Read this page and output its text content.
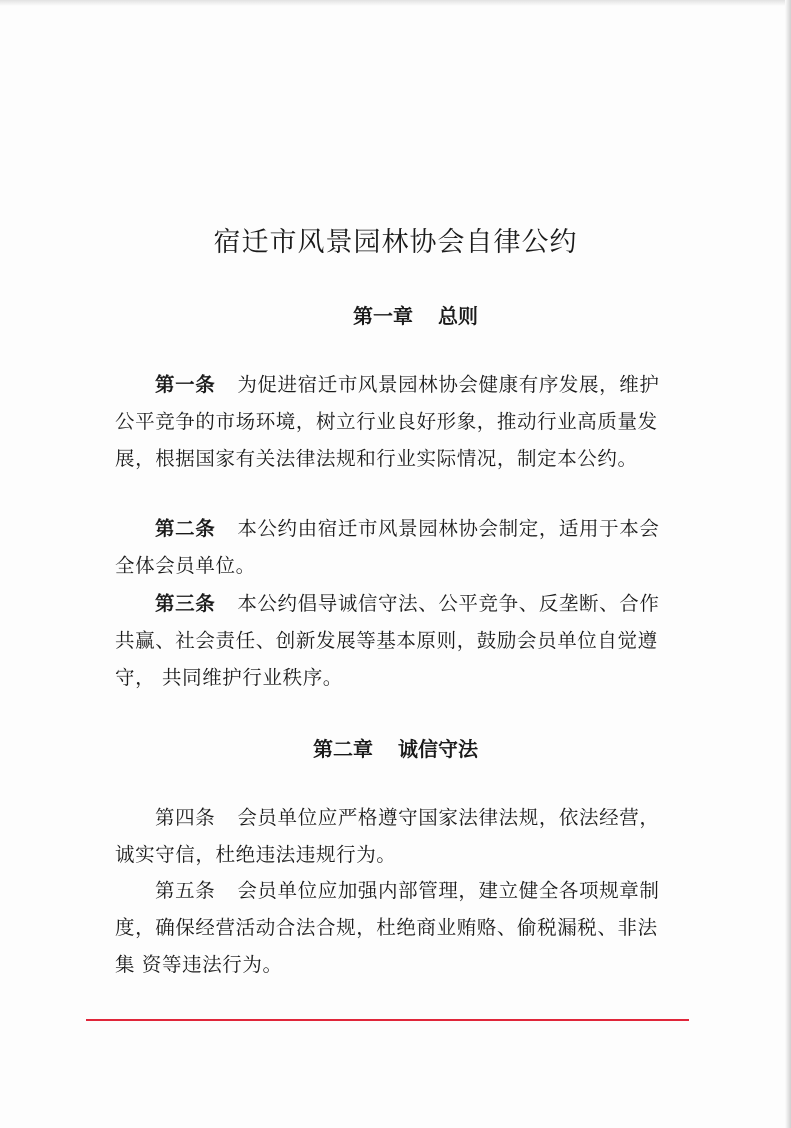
宿迁市风景园林协会自律公约
第一章 总则
第一条 为促进宿迁市风景园林协会健康有序发展，维护公平竞争的市场环境，树立行业良好形象，推动行业高质量发展，根据国家有关法律法规和行业实际情况，制定本公约。
第二条 本公约由宿迁市风景园林协会制定，适用于本会全体会员单位。
第三条 本公约倡导诚信守法、公平竞争、反垄断、合作共赢、社会责任、创新发展等基本原则，鼓励会员单位自觉遵守， 共同维护行业秩序。
第二章 诚信守法
第四条 会员单位应严格遵守国家法律法规，依法经营，诚实守信，杜绝违法违规行为。
第五条 会员单位应加强内部管理，建立健全各项规章制度，确保经营活动合法合规，杜绝商业贿赂、偷税漏税、非法集 资等违法行为。
